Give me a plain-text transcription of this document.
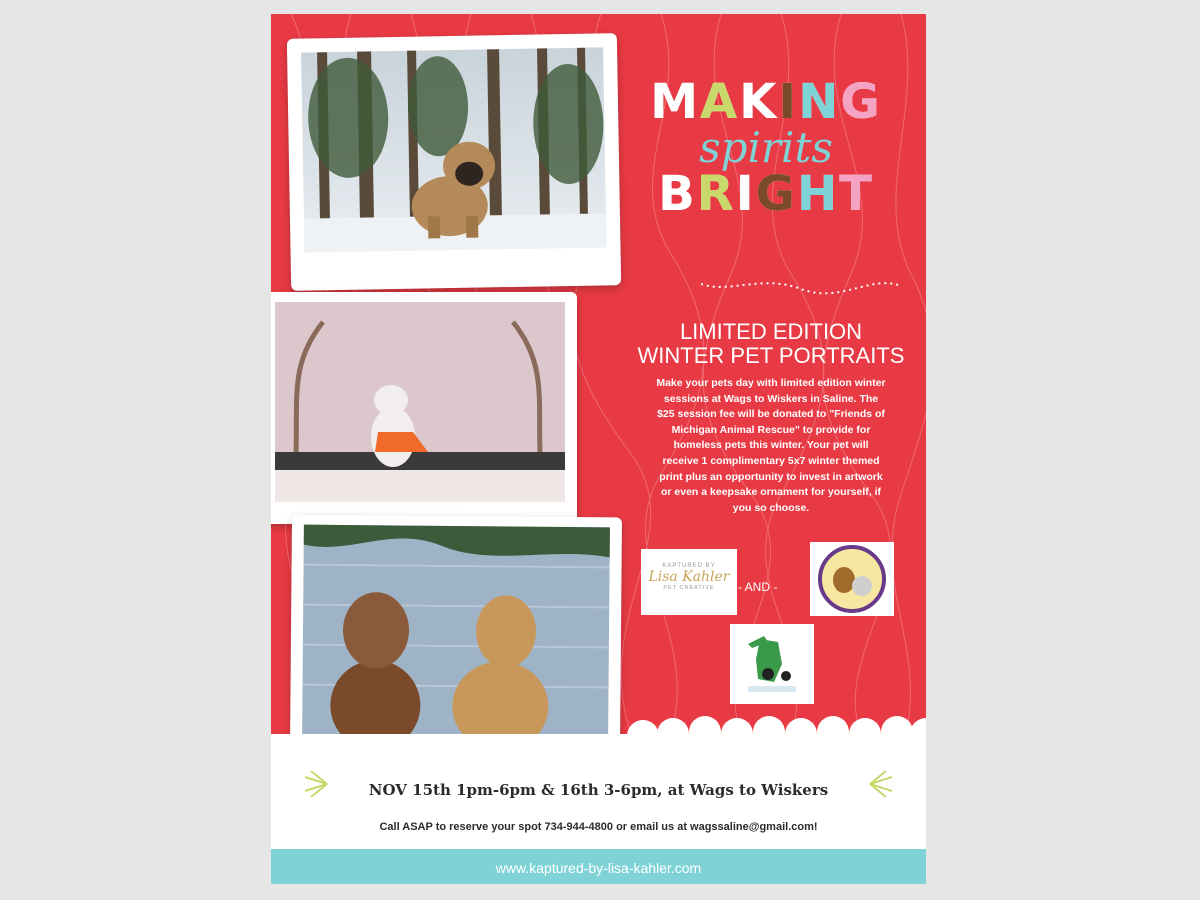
MAKING
spirits
BRIGHT
LIMITED EDITION
WINTER PET PORTRAITS
Make your pets day with limited edition winter
sessions at Wags to Wiskers in Saline. The
$25 session fee will be donated to "Friends of
Michigan Animal Rescue" to provide for
homeless pets this winter. Your pet will
receive 1 complimentary 5x7 winter themed
print plus an opportunity to invest in artwork
or even a keepsake ornament for yourself, if
you so choose.
KAPTURED BY
Lisa Kahler
PET CREATIVE	- AND -
NOV 15th 1pm-6pm & 16th 3-6pm, at Wags to Wiskers
Call ASAP to reserve your spot 734-944-4800 or email us at wagssaline@gmail.com!
www.kaptured-by-lisa-kahler.com
